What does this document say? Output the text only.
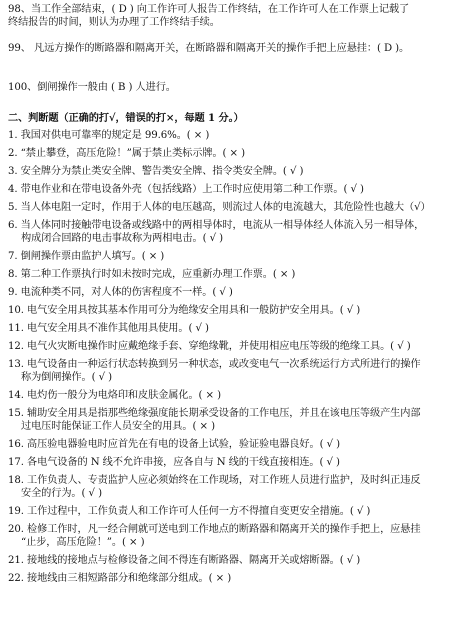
98、当工作全部结束，( D ) 向工作许可人报告工作终结，在工作许可人在工作票上记载了
终结报告的时间，则认为办理了工作终结手续。

99、 凡远方操作的断路器和隔离开关，在断路器和隔离开关的操作手把上应悬挂：( D )。

100、倒闸操作一般由 ( B ) 人进行。

二、判断题（正确的打√，错误的打×，每题 1 分。）
1. 我国对供电可靠率的规定是 99.6%。( × )
2. “禁止攀登，高压危险！”属于禁止类标示牌。( × )
3. 安全牌分为禁止类安全牌、警告类安全牌、指令类安全牌。( √ )
4. 带电作业和在带电设备外壳（包括线路）上工作时应使用第二种工作票。( √ )
5. 当人体电阻一定时，作用于人体的电压越高，则流过人体的电流越大，其危险性也越大（√）
6. 当人体同时接触带电设备或线路中的两相导体时，电流从一相导体经人体流入另一相导体，
构成闭合回路的电击事故称为两相电击。( √ )
7. 倒闸操作票由监护人填写。( × )
8. 第二种工作票执行时如未按时完成，应重新办理工作票。( × )
9. 电流种类不同，对人体的伤害程度不一样。( √ )
10. 电气安全用具按其基本作用可分为绝缘安全用具和一般防护安全用具。( √ )
11. 电气安全用具不准作其他用具使用。( √ )
12. 电气火灾断电操作时应戴绝缘手套、穿绝缘靴，并使用相应电压等级的绝缘工具。( √ )
13. 电气设备由一种运行状态转换到另一种状态，或改变电气一次系统运行方式所进行的操作
称为倒闸操作。( √ )
14. 电灼伤一般分为电烙印和皮肤金属化。( × )
15. 辅助安全用具是指那些绝缘强度能长期承受设备的工作电压，并且在该电压等级产生内部
过电压时能保证工作人员安全的用具。( × )
16. 高压验电器验电时应首先在有电的设备上试验，验证验电器良好。( √ )
17. 各电气设备的 N 线不允许串接，应各自与 N 线的干线直接相连。( √ )
18. 工作负责人、专责监护人应必须始终在工作现场，对工作班人员进行监护，及时纠正违反
安全的行为。( √ )
19. 工作过程中，工作负责人和工作许可人任何一方不得擅自变更安全措施。( √ )
20. 检修工作时，凡一经合闸就可送电到工作地点的断路器和隔离开关的操作手把上，应悬挂
“止步，高压危险！”。( × )
21. 接地线的接地点与检修设备之间不得连有断路器、隔离开关或熔断器。( √ )
22. 接地线由三相短路部分和绝缘部分组成。( × )
